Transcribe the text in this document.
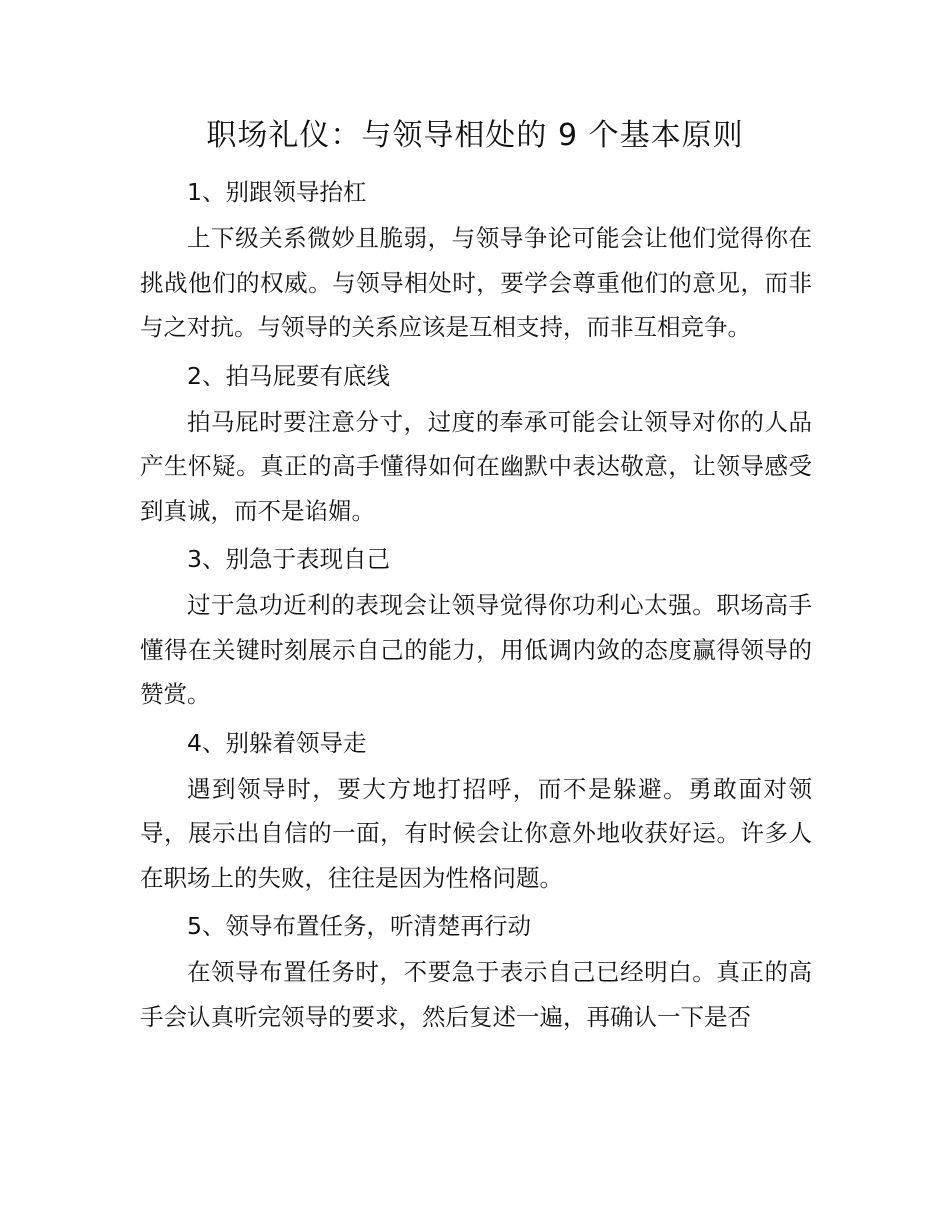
职场礼仪：与领导相处的 9 个基本原则

1、别跟领导抬杠

上下级关系微妙且脆弱，与领导争论可能会让他们觉得你在挑战他们的权威。与领导相处时，要学会尊重他们的意见，而非与之对抗。与领导的关系应该是互相支持，而非互相竞争。

2、拍马屁要有底线

拍马屁时要注意分寸，过度的奉承可能会让领导对你的人品产生怀疑。真正的高手懂得如何在幽默中表达敬意，让领导感受到真诚，而不是谄媚。

3、别急于表现自己

过于急功近利的表现会让领导觉得你功利心太强。职场高手懂得在关键时刻展示自己的能力，用低调内敛的态度赢得领导的赞赏。

4、别躲着领导走

遇到领导时，要大方地打招呼，而不是躲避。勇敢面对领导，展示出自信的一面，有时候会让你意外地收获好运。许多人在职场上的失败，往往是因为性格问题。

5、领导布置任务，听清楚再行动

在领导布置任务时，不要急于表示自己已经明白。真正的高手会认真听完领导的要求，然后复述一遍，再确认一下是否
